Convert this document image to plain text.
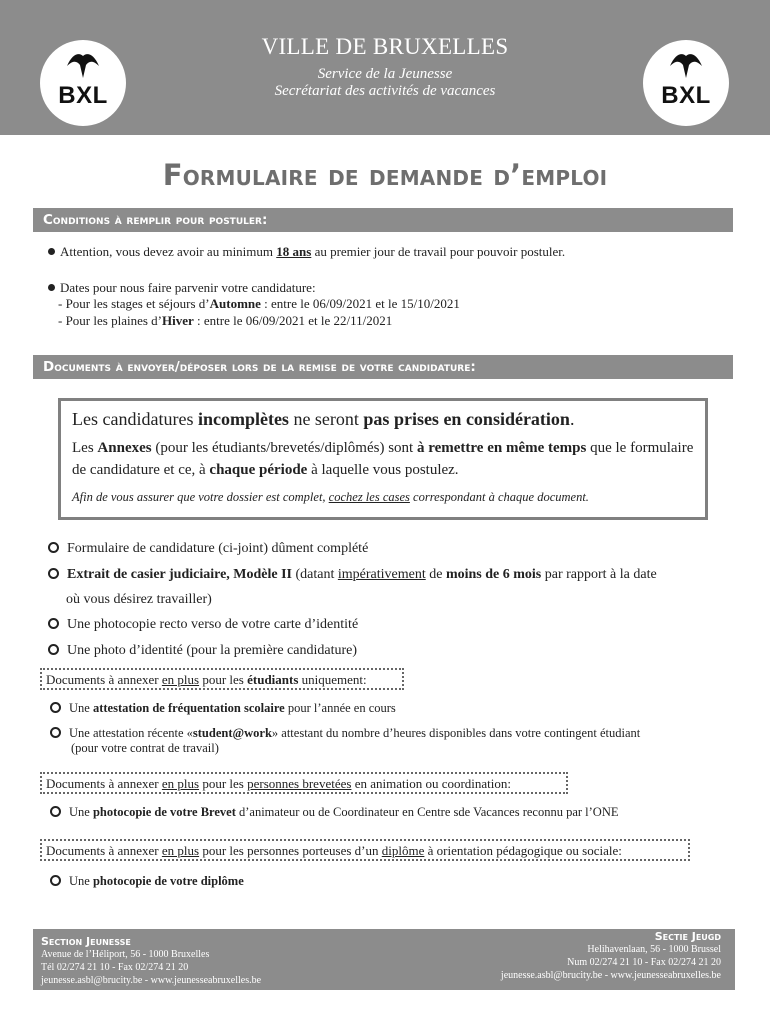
BXL
VILLE DE BRUXELLES
Service de la Jeunesse
Secrétariat des activités de vacances	BXL
Formulaire de demande d’emploi
Conditions à remplir pour postuler:
Attention, vous devez avoir au minimum 18 ans au premier jour de travail pour pouvoir postuler.
Dates pour nous faire parvenir votre candidature:
- Pour les stages et séjours d’Automne : entre le 06/09/2021 et le 15/10/2021
- Pour les plaines d’Hiver : entre le 06/09/2021 et le 22/11/2021
Documents à envoyer/déposer lors de la remise de votre candidature:
Les candidatures incomplètes ne seront pas prises en considération.
Les Annexes (pour les étudiants/brevetés/diplômés) sont à remettre en même temps que le formulaire de candidature et ce, à chaque période à laquelle vous postulez.
Afin de vous assurer que votre dossier est complet, cochez les cases correspondant à chaque document.
Formulaire de candidature (ci-joint) dûment complété
Extrait de casier judiciaire, Modèle II (datant impérativement de moins de 6 mois par rapport à la date
où vous désirez travailler)
Une photocopie recto verso de votre carte d’identité
Une photo d’identité (pour la première candidature)
Documents à annexer en plus pour les étudiants uniquement:
Une attestation de fréquentation scolaire pour l’année en cours
Une attestation récente «student@work» attestant du nombre d’heures disponibles dans votre contingent étudiant
(pour votre contrat de travail)
Documents à annexer en plus pour les personnes brevetées en animation ou coordination:
Une photocopie de votre Brevet d’animateur ou de Coordinateur en Centre sde Vacances reconnu par l’ONE
Documents à annexer en plus pour les personnes porteuses d’un diplôme à orientation pédagogique ou sociale:
Une photocopie de votre diplôme
Section Jeunesse
Avenue de l’Héliport, 56 - 1000 Bruxelles
Tél 02/274 21 10 - Fax 02/274 21 20
jeunesse.asbl@brucity.be - www.jeunesseabruxelles.be
Sectie Jeugd
Helihavenlaan, 56 - 1000 Brussel
Num 02/274 21 10 - Fax 02/274 21 20
jeunesse.asbl@brucity.be - www.jeunesseabruxelles.be
